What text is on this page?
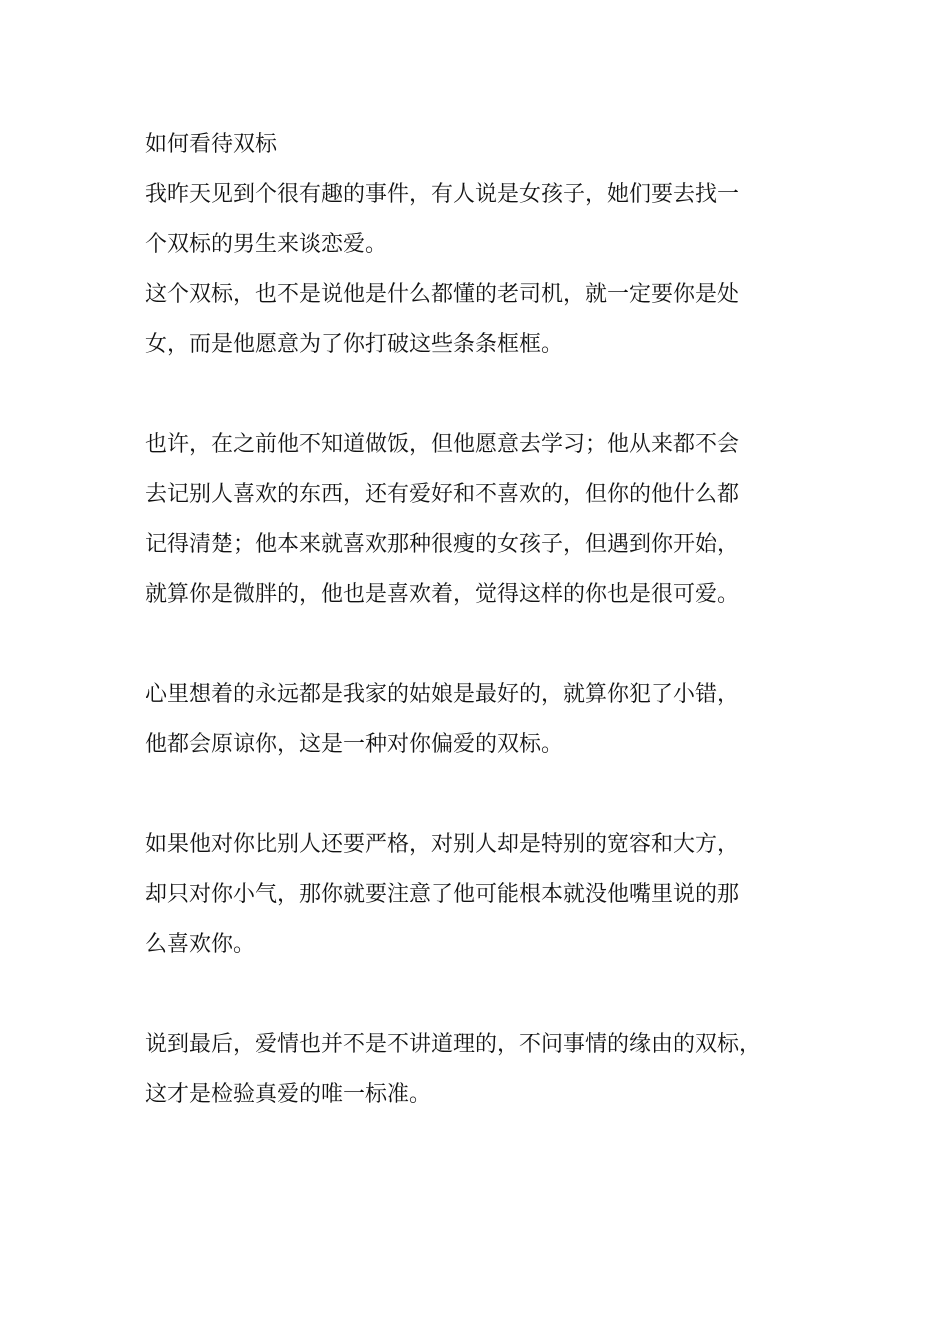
如何看待双标
我昨天见到个很有趣的事件，有人说是女孩子，她们要去找一
个双标的男生来谈恋爱。
这个双标，也不是说他是什么都懂的老司机，就一定要你是处
女，而是他愿意为了你打破这些条条框框。
也许，在之前他不知道做饭，但他愿意去学习；他从来都不会
去记别人喜欢的东西，还有爱好和不喜欢的，但你的他什么都
记得清楚；他本来就喜欢那种很瘦的女孩子，但遇到你开始，
就算你是微胖的，他也是喜欢着，觉得这样的你也是很可爱。
心里想着的永远都是我家的姑娘是最好的，就算你犯了小错，
他都会原谅你，这是一种对你偏爱的双标。
如果他对你比别人还要严格，对别人却是特别的宽容和大方，
却只对你小气，那你就要注意了他可能根本就没他嘴里说的那
么喜欢你。
说到最后，爱情也并不是不讲道理的，不问事情的缘由的双标，
这才是检验真爱的唯一标准。
